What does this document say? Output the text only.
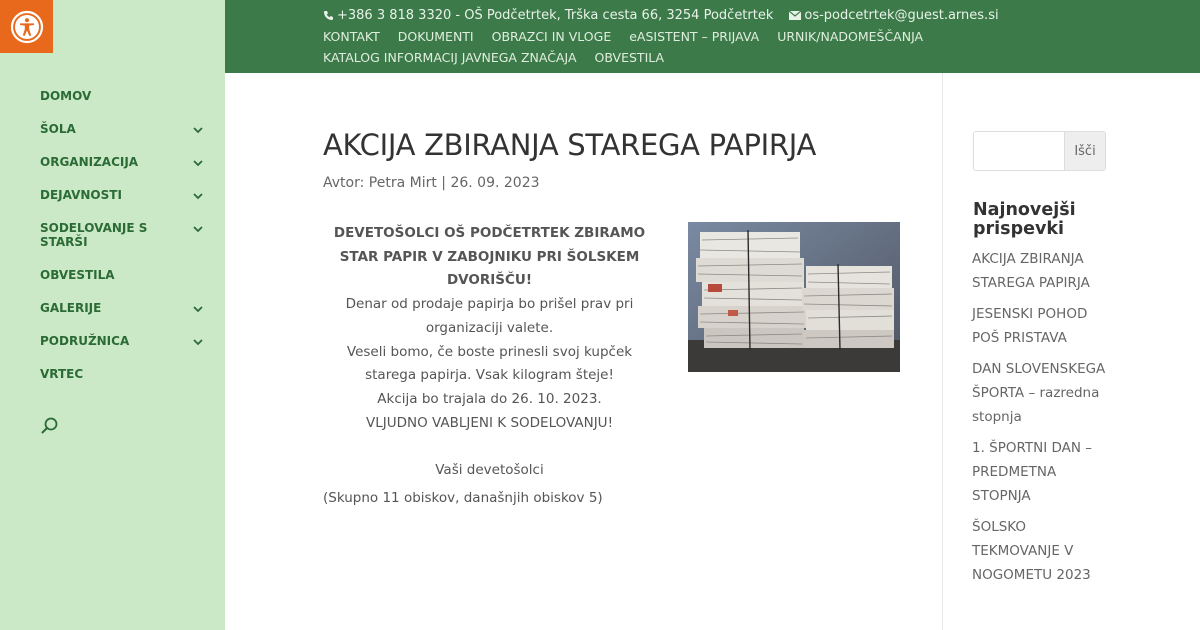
DOMOV
ŠOLA
ORGANIZACIJA
DEJAVNOSTI
SODELOVANJE S STARŠI
OBVESTILA
GALERIJE
PODRUŽNICA
VRTEC
+386 3 818 3320 - OŠ Podčetrtek, Trška cesta 66, 3254 Podčetrtek os-podcetrtek@guest.arnes.si
KONTAKT DOKUMENTI OBRAZCI IN VLOGE eASISTENT – PRIJAVA URNIK/NADOMEŠČANJA
KATALOG INFORMACIJ JAVNEGA ZNAČAJA OBVESTILA
AKCIJA ZBIRANJA STAREGA PAPIRJA
Avtor: Petra Mirt | 26. 09. 2023

DEVETOŠOLCI OŠ PODČETRTEK ZBIRAMO STAR PAPIR V ZABOJNIKU PRI ŠOLSKEM DVORIŠČU!

Denar od prodaje papirja bo prišel prav pri organizaciji valete.

Veseli bomo, če boste prinesli svoj kupček starega papirja. Vsak kilogram šteje!

Akcija bo trajala do 26. 10. 2023.

VLJUDNO VABLJENI K SODELOVANJU!

Vaši devetošolci

(Skupno 11 obiskov, današnjih obiskov 5)
Išči
Najnovejši prispevki
AKCIJA ZBIRANJA STAREGA PAPIRJA
JESENSKI POHOD POŠ PRISTAVA
DAN SLOVENSKEGA ŠPORTA – razredna stopnja
1. ŠPORTNI DAN – PREDMETNA STOPNJA
ŠOLSKO TEKMOVANJE V NOGOMETU 2023
